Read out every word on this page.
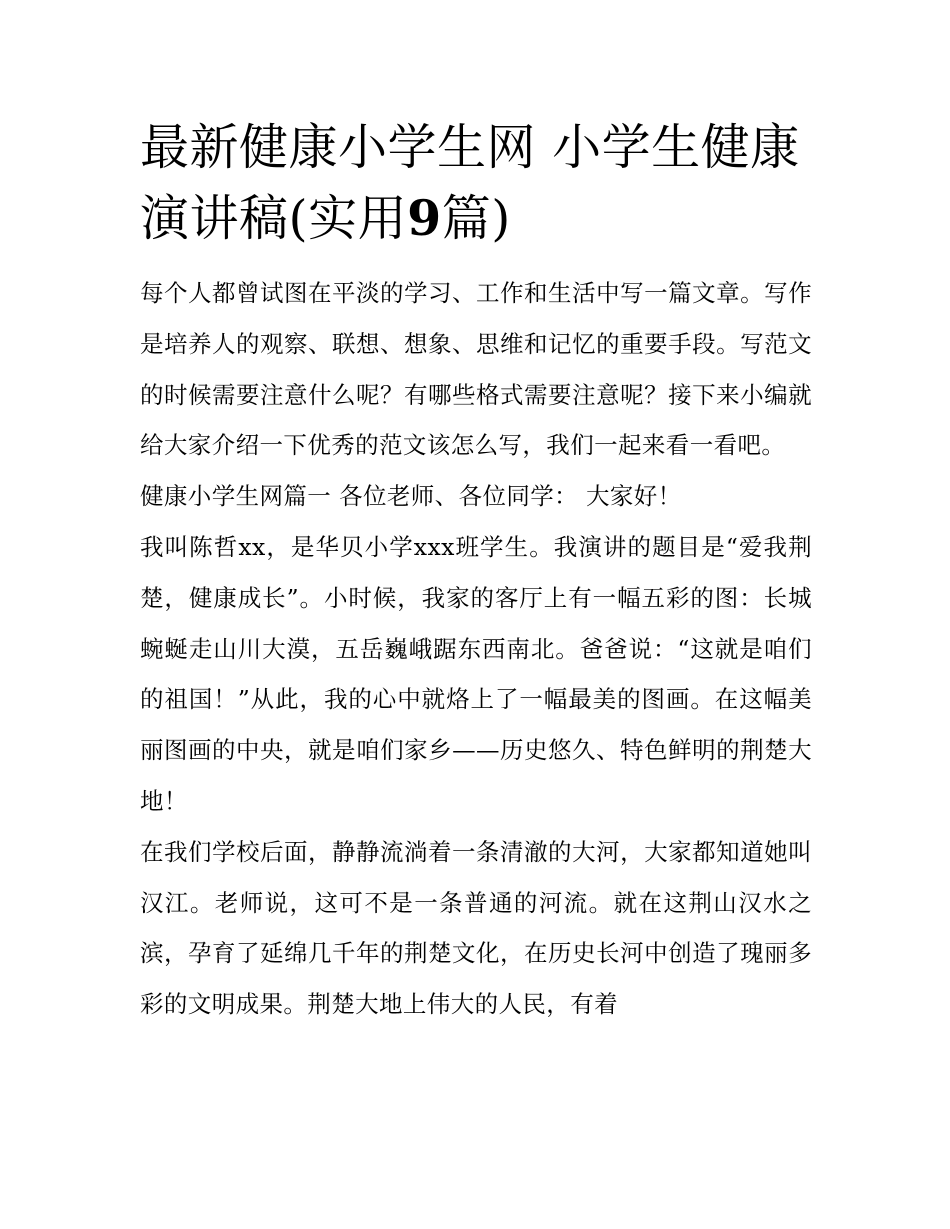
最新健康小学生网 小学生健康演讲稿(实用9篇)

每个人都曾试图在平淡的学习、工作和生活中写一篇文章。写作是培养人的观察、联想、想象、思维和记忆的重要手段。写范文的时候需要注意什么呢？有哪些格式需要注意呢？接下来小编就给大家介绍一下优秀的范文该怎么写，我们一起来看一看吧。

健康小学生网篇一 各位老师、各位同学： 大家好！

我叫陈哲xx，是华贝小学xxx班学生。我演讲的题目是“爱我荆楚，健康成长”。小时候，我家的客厅上有一幅五彩的图：长城蜿蜒走山川大漠，五岳巍峨踞东西南北。爸爸说：“这就是咱们的祖国！”从此，我的心中就烙上了一幅最美的图画。在这幅美丽图画的中央，就是咱们家乡——历史悠久、特色鲜明的荆楚大地！

在我们学校后面，静静流淌着一条清澈的大河，大家都知道她叫汉江。老师说，这可不是一条普通的河流。就在这荆山汉水之滨，孕育了延绵几千年的荆楚文化，在历史长河中创造了瑰丽多彩的文明成果。荆楚大地上伟大的人民，有着
